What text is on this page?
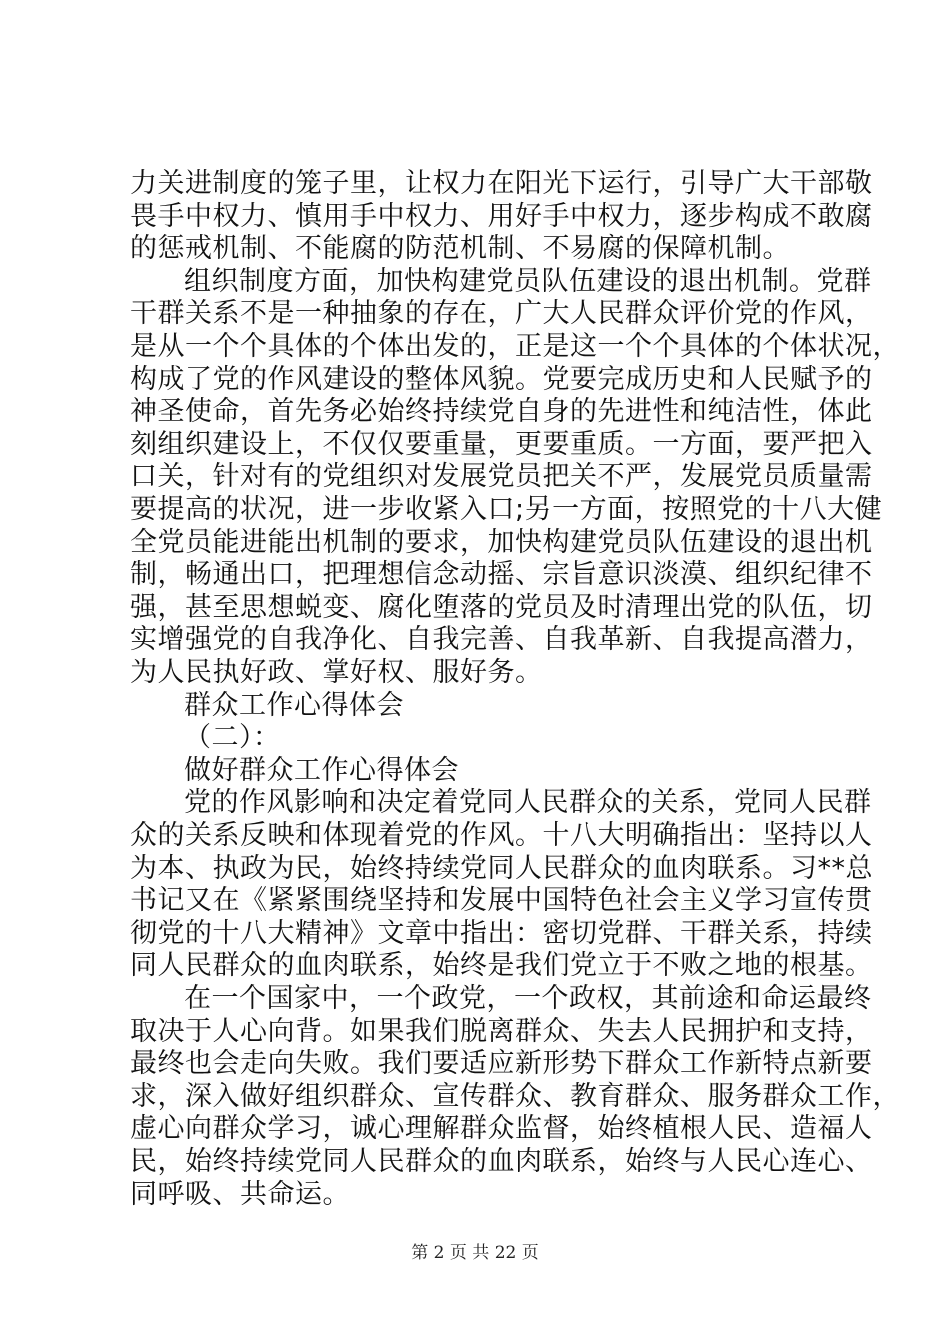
力关进制度的笼子里，让权力在阳光下运行，引导广大干部敬
畏手中权力、慎用手中权力、用好手中权力，逐步构成不敢腐
的惩戒机制、不能腐的防范机制、不易腐的保障机制。
组织制度方面，加快构建党员队伍建设的退出机制。党群
干群关系不是一种抽象的存在，广大人民群众评价党的作风，
是从一个个具体的个体出发的，正是这一个个具体的个体状况，
构成了党的作风建设的整体风貌。党要完成历史和人民赋予的
神圣使命，首先务必始终持续党自身的先进性和纯洁性，体此
刻组织建设上，不仅仅要重量，更要重质。一方面，要严把入
口关，针对有的党组织对发展党员把关不严，发展党员质量需
要提高的状况，进一步收紧入口;另一方面，按照党的十八大健
全党员能进能出机制的要求，加快构建党员队伍建设的退出机
制，畅通出口，把理想信念动摇、宗旨意识淡漠、组织纪律不
强，甚至思想蜕变、腐化堕落的党员及时清理出党的队伍，切
实增强党的自我净化、自我完善、自我革新、自我提高潜力，
为人民执好政、掌好权、服好务。
群众工作心得体会
（二）：
做好群众工作心得体会
党的作风影响和决定着党同人民群众的关系，党同人民群
众的关系反映和体现着党的作风。十八大明确指出：坚持以人
为本、执政为民，始终持续党同人民群众的血肉联系。习**总
书记又在《紧紧围绕坚持和发展中国特色社会主义学习宣传贯
彻党的十八大精神》文章中指出：密切党群、干群关系，持续
同人民群众的血肉联系，始终是我们党立于不败之地的根基。
在一个国家中，一个政党，一个政权，其前途和命运最终
取决于人心向背。如果我们脱离群众、失去人民拥护和支持，
最终也会走向失败。我们要适应新形势下群众工作新特点新要
求，深入做好组织群众、宣传群众、教育群众、服务群众工作，
虚心向群众学习，诚心理解群众监督，始终植根人民、造福人
民，始终持续党同人民群众的血肉联系，始终与人民心连心、
同呼吸、共命运。
第 2 页 共 22 页
